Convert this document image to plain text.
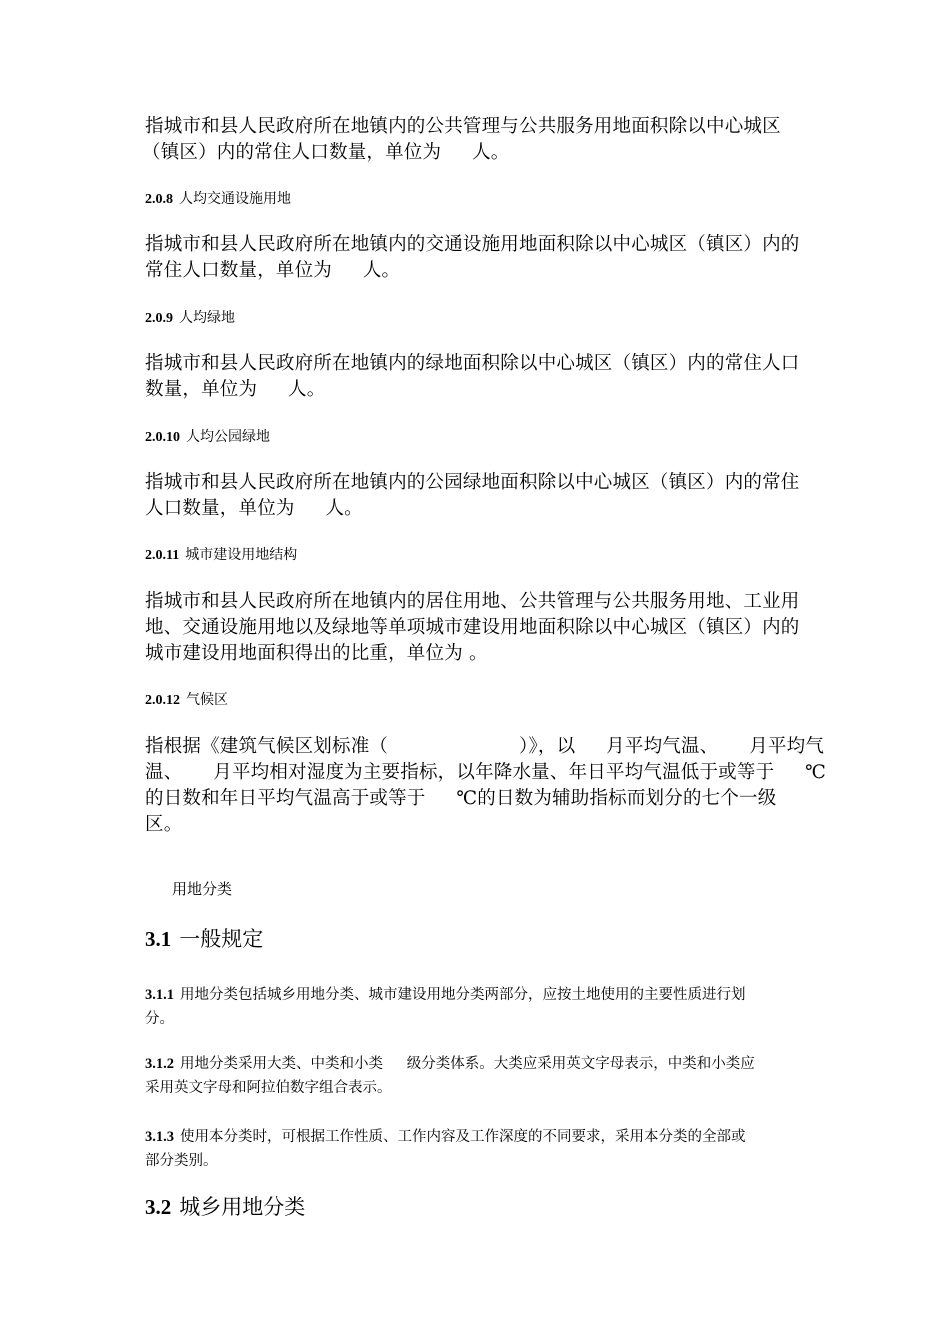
指城市和县人民政府所在地镇内的公共管理与公共服务用地面积除以中心城区
（镇区）内的常住人口数量，单位为 　 人。
2.0.8 人均交通设施用地
指城市和县人民政府所在地镇内的交通设施用地面积除以中心城区（镇区）内的
常住人口数量，单位为 　 人。
2.0.9 人均绿地
指城市和县人民政府所在地镇内的绿地面积除以中心城区（镇区）内的常住人口
数量，单位为 　 人。
2.0.10 人均公园绿地
指城市和县人民政府所在地镇内的公园绿地面积除以中心城区（镇区）内的常住
人口数量，单位为 　 人。
2.0.11 城市建设用地结构
指城市和县人民政府所在地镇内的居住用地、公共管理与公共服务用地、工业用
地、交通设施用地以及绿地等单项城市建设用地面积除以中心城区（镇区）内的
城市建设用地面积得出的比重，单位为 。
2.0.12 气候区
指根据《建筑气候区划标准（　　　　　　　）》，以 　 月平均气温、 　 月平均气
温、 　 月平均相对湿度为主要指标，以年降水量、年日平均气温低于或等于 　 ℃
的日数和年日平均气温高于或等于 　 ℃的日数为辅助指标而划分的七个一级
区。
用地分类
3.1 一般规定
3.1.1 用地分类包括城乡用地分类、城市建设用地分类两部分，应按土地使用的主要性质进行划
分。
3.1.2 用地分类采用大类、中类和小类 　 级分类体系。大类应采用英文字母表示，中类和小类应
采用英文字母和阿拉伯数字组合表示。
3.1.3 使用本分类时，可根据工作性质、工作内容及工作深度的不同要求，采用本分类的全部或
部分类别。
3.2 城乡用地分类
